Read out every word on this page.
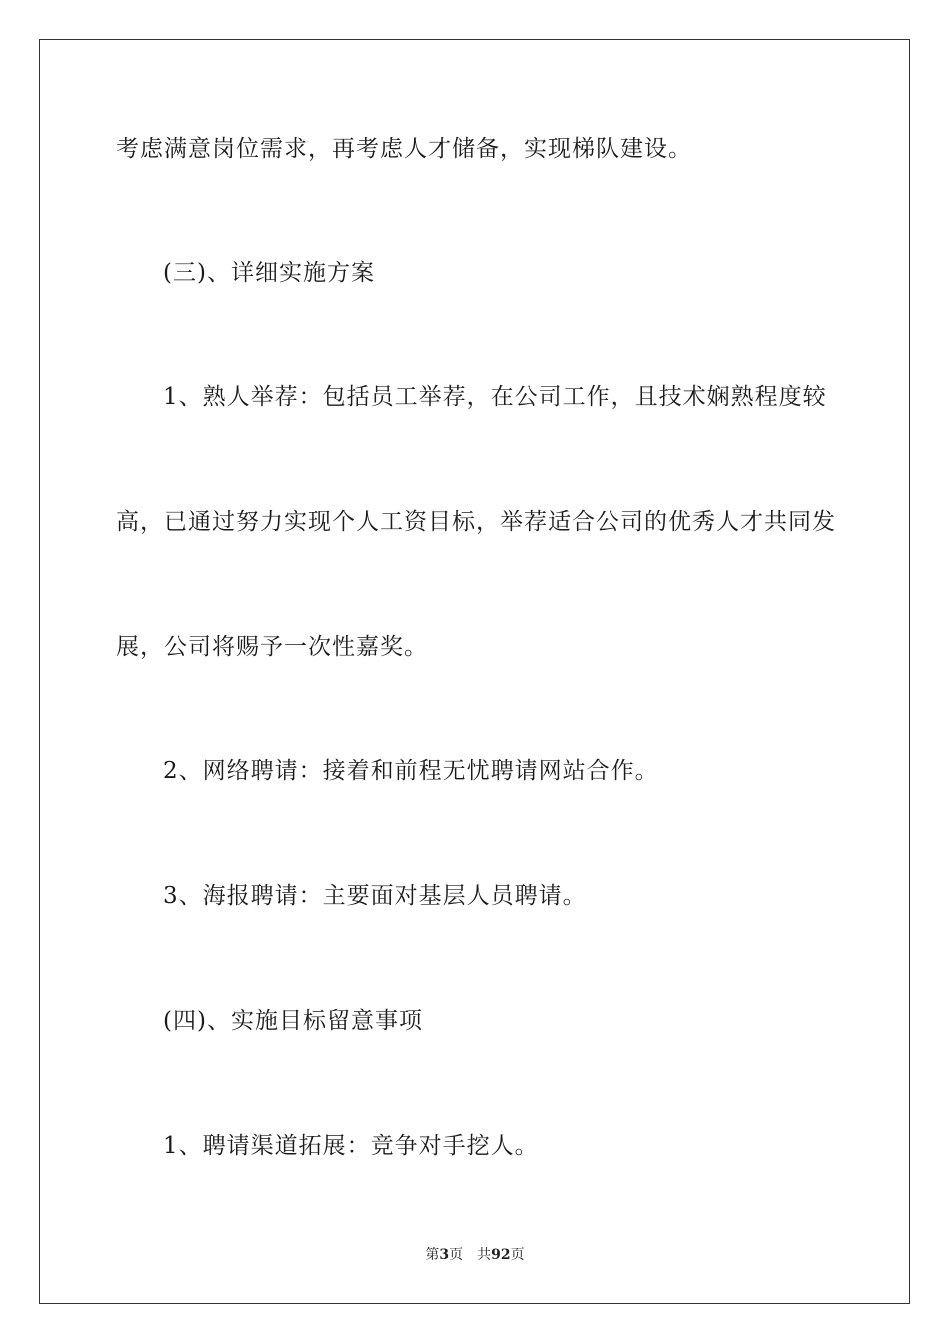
考虑满意岗位需求，再考虑人才储备，实现梯队建设。
(三)、详细实施方案
1、熟人举荐：包括员工举荐，在公司工作，且技术娴熟程度较
高，已通过努力实现个人工资目标，举荐适合公司的优秀人才共同发
展，公司将赐予一次性嘉奖。
2、网络聘请：接着和前程无忧聘请网站合作。
3、海报聘请：主要面对基层人员聘请。
(四)、实施目标留意事项
1、聘请渠道拓展：竞争对手挖人。
第3页 共92页
